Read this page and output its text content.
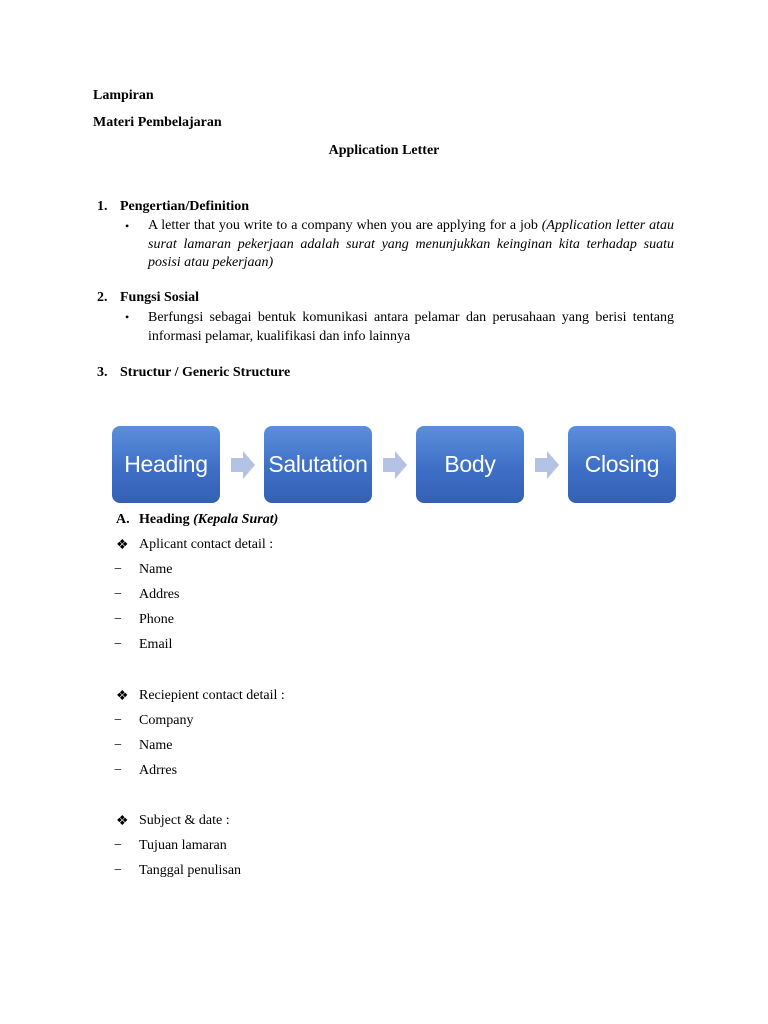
Lampiran
Materi Pembelajaran
Application Letter
1. Pengertian/Definition
• A letter that you write to a company when you are applying for a job (Application letter atau surat lamaran pekerjaan adalah surat yang menunjukkan keinginan kita terhadap suatu posisi atau pekerjaan)
2. Fungsi Sosial
• Berfungsi sebagai bentuk komunikasi antara pelamar dan perusahaan yang berisi tentang informasi pelamar, kualifikasi dan info lainnya
3. Structur / Generic Structure
Heading	Salutation	Body	Closing
A. Heading (Kepala Surat)
❖ Aplicant contact detail :
− Name
− Addres
− Phone
− Email
❖ Reciepient contact detail :
− Company
− Name
− Adrres
❖ Subject & date :
− Tujuan lamaran
− Tanggal penulisan
